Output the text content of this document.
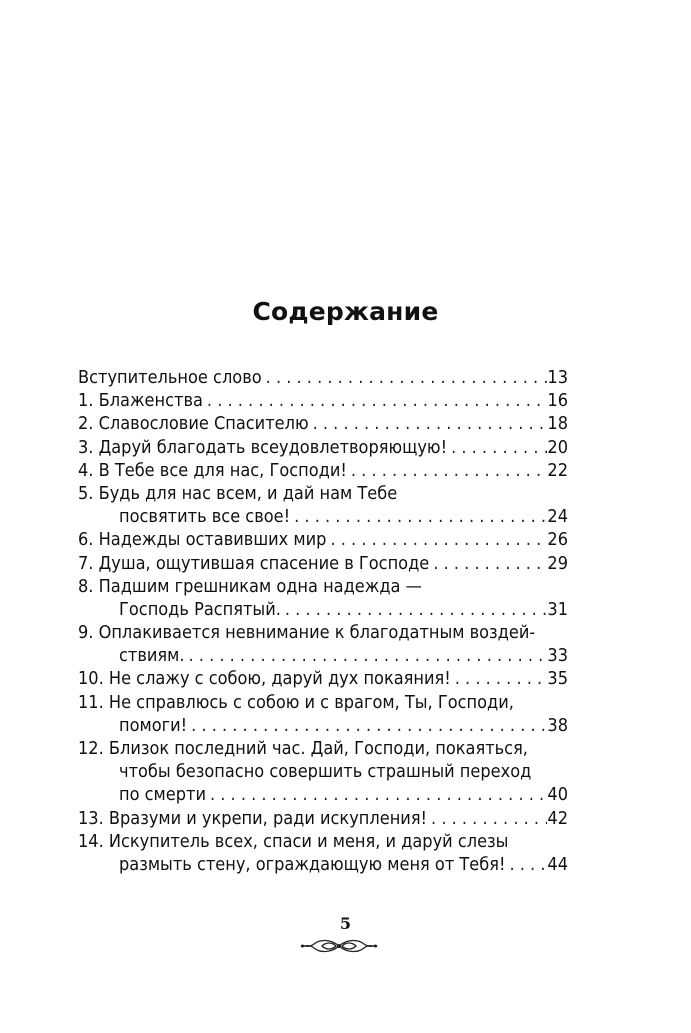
Содержание
Вступительное слово . . .	13
1. Блаженства . . .	16
2. Славословие Спасителю . . .	18
3. Даруй благодать всеудовлетворяющую! . . .	20
4. В Тебе все для нас, Господи! . . .	22
5. Будь для нас всем, и дай нам Тебе
посвятить все свое! . . .	24
6. Надежды оставивших мир . . .	26
7. Душа, ощутившая спасение в Господе . . .	29
8. Падшим грешникам одна надежда —
Господь Распятый. . . .	31
9. Оплакивается невнимание к благодатным воздей-
ствиям. . . .	33
10. Не слажу с собою, даруй дух покаяния! . . .	35
11. Не справлюсь с собою и с врагом, Ты, Господи,
помоги! . . .	38
12. Близок последний час. Дай, Господи, покаяться,
чтобы безопасно совершить страшный переход
по смерти . . .	40
13. Вразуми и укрепи, ради искупления! . . .	42
14. Искупитель всех, спаси и меня, и даруй слезы
размыть стену, ограждающую меня от Тебя! . . . 44
5
